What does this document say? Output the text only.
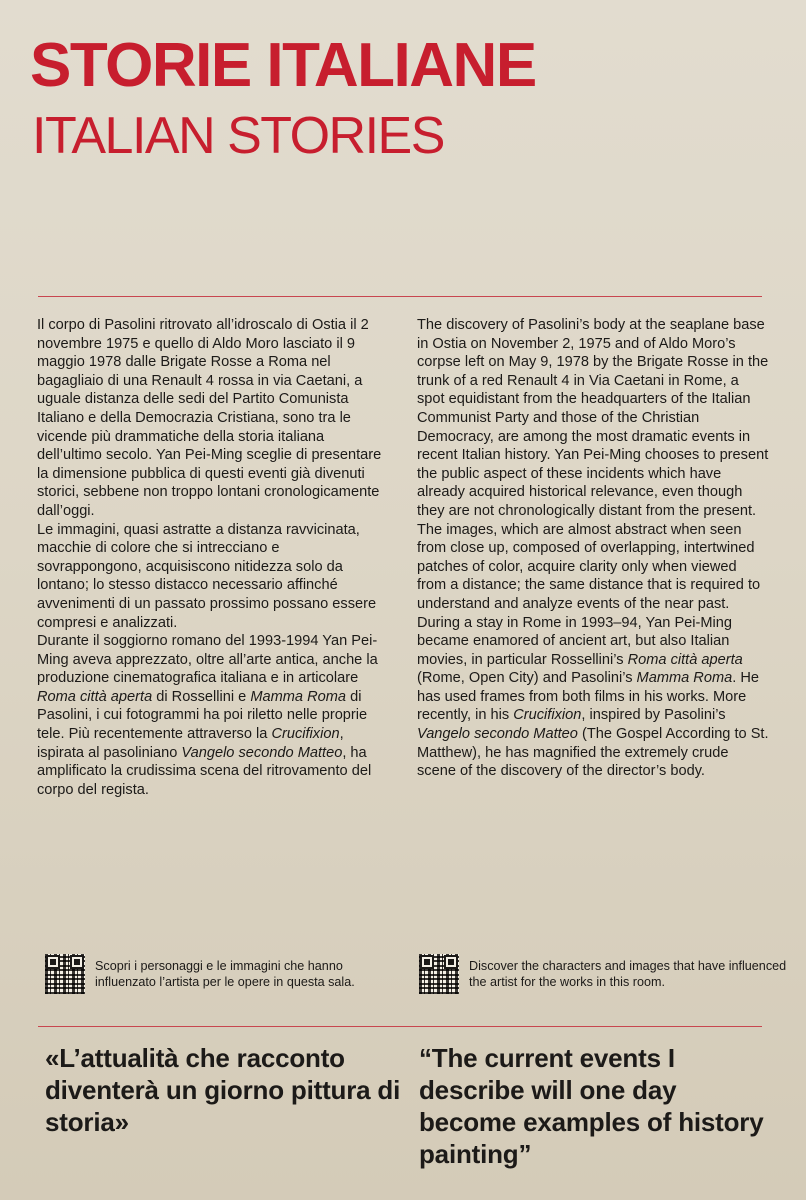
STORIE ITALIANE
ITALIAN STORIES

Il corpo di Pasolini ritrovato all’idroscalo di Ostia il 2 novembre 1975 e quello di Aldo Moro lasciato il 9 maggio 1978 dalle Brigate Rosse a Roma nel bagagliaio di una Renault 4 rossa in via Caetani, a uguale distanza delle sedi del Partito Comunista Italiano e della Democrazia Cristiana, sono tra le vicende più drammatiche della storia italiana dell’ultimo secolo. Yan Pei-Ming sceglie di presentare la dimensione pubblica di questi eventi già divenuti storici, sebbene non troppo lontani cronologicamente dall’oggi.

Le immagini, quasi astratte a distanza ravvicinata, macchie di colore che si intrecciano e sovrappongono, acquisiscono nitidezza solo da lontano; lo stesso distacco necessario affinché avvenimenti di un passato prossimo possano essere compresi e analizzati.

Durante il soggiorno romano del 1993-1994 Yan Pei-Ming aveva apprezzato, oltre all’arte antica, anche la produzione cinematografica italiana e in articolare Roma città aperta di Rossellini e Mamma Roma di Pasolini, i cui fotogrammi ha poi riletto nelle proprie tele. Più recentemente attraverso la Crucifixion, ispirata al pasoliniano Vangelo secondo Matteo, ha amplificato la crudissima scena del ritrovamento del corpo del regista.

The discovery of Pasolini’s body at the seaplane base in Ostia on November 2, 1975 and of Aldo Moro’s corpse left on May 9, 1978 by the Brigate Rosse in the trunk of a red Renault 4 in Via Caetani in Rome, a spot equidistant from the headquarters of the Italian Communist Party and those of the Christian Democracy, are among the most dramatic events in recent Italian history. Yan Pei-Ming chooses to present the public aspect of these incidents which have already acquired historical relevance, even though they are not chronologically distant from the present.

The images, which are almost abstract when seen from close up, composed of overlapping, intertwined patches of color, acquire clarity only when viewed from a distance; the same distance that is required to understand and analyze events of the near past.

During a stay in Rome in 1993–94, Yan Pei-Ming became enamored of ancient art, but also Italian movies, in particular Rossellini’s Roma città aperta (Rome, Open City) and Pasolini’s Mamma Roma. He has used frames from both films in his works. More recently, in his Crucifixion, inspired by Pasolini’s Vangelo secondo Matteo (The Gospel According to St. Matthew), he has magnified the extremely crude scene of the discovery of the director’s body.

Scopri i personaggi e le immagini che hanno influenzato l’artista per le opere in questa sala.
Discover the characters and images that have influenced the artist for the works in this room.

«L’attualità che racconto diventerà un giorno pittura di storia»

“The current events I describe will one day become examples of history painting”
